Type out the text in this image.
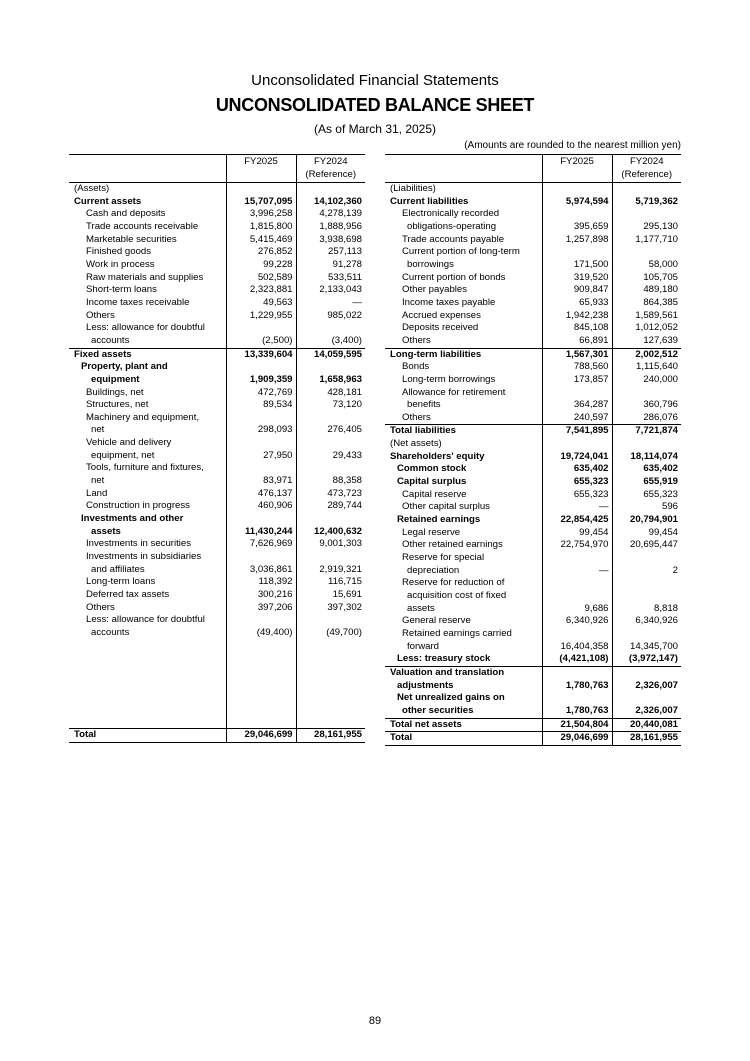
Unconsolidated Financial Statements
UNCONSOLIDATED BALANCE SHEET
(As of March 31, 2025)
(Amounts are rounded to the nearest million yen)
	FY2025	FY2024
(Reference)
(Assets)		
Current assets	15,707,095	14,102,360
Cash and deposits	3,996,258	4,278,139
Trade accounts receivable	1,815,800	1,888,956
Marketable securities	5,415,469	3,938,698
Finished goods	276,852	257,113
Work in process	99,228	91,278
Raw materials and supplies	502,589	533,511
Short-term loans	2,323,881	2,133,043
Income taxes receivable	49,563	—
Others	1,229,955	985,022
Less: allowance for doubtful		
accounts	(2,500)	(3,400)
Fixed assets	13,339,604	14,059,595
Property, plant and		
equipment	1,909,359	1,658,963
Buildings, net	472,769	428,181
Structures, net	89,534	73,120
Machinery and equipment,		
net	298,093	276,405
Vehicle and delivery		
equipment, net	27,950	29,433
Tools, furniture and fixtures,		
net	83,971	88,358
Land	476,137	473,723
Construction in progress	460,906	289,744
Investments and other		
assets	11,430,244	12,400,632
Investments in securities	7,626,969	9,001,303
Investments in subsidiaries		
and affiliates	3,036,861	2,919,321
Long-term loans	118,392	116,715
Deferred tax assets	300,216	15,691
Others	397,206	397,302
Less: allowance for doubtful		
accounts	(49,400)	(49,700)

Total	29,046,699	28,161,955
	FY2025	FY2024
(Reference)
(Liabilities)		
Current liabilities	5,974,594	5,719,362
Electronically recorded		
obligations-operating	395,659	295,130
Trade accounts payable	1,257,898	1,177,710
Current portion of long-term		
borrowings	171,500	58,000
Current portion of bonds	319,520	105,705
Other payables	909,847	489,180
Income taxes payable	65,933	864,385
Accrued expenses	1,942,238	1,589,561
Deposits received	845,108	1,012,052
Others	66,891	127,639
Long-term liabilities	1,567,301	2,002,512
Bonds	788,560	1,115,640
Long-term borrowings	173,857	240,000
Allowance for retirement		
benefits	364,287	360,796
Others	240,597	286,076
Total liabilities	7,541,895	7,721,874
(Net assets)		
Shareholders' equity	19,724,041	18,114,074
Common stock	635,402	635,402
Capital surplus	655,323	655,919
Capital reserve	655,323	655,323
Other capital surplus	—	596
Retained earnings	22,854,425	20,794,901
Legal reserve	99,454	99,454
Other retained earnings	22,754,970	20,695,447
Reserve for special		
depreciation	—	2
Reserve for reduction of		
acquisition cost of fixed		
assets	9,686	8,818
General reserve	6,340,926	6,340,926
Retained earnings carried		
forward	16,404,358	14,345,700
Less: treasury stock	(4,421,108)	(3,972,147)
Valuation and translation		
adjustments	1,780,763	2,326,007
Net unrealized gains on		
other securities	1,780,763	2,326,007
Total net assets	21,504,804	20,440,081
Total	29,046,699	28,161,955
89
